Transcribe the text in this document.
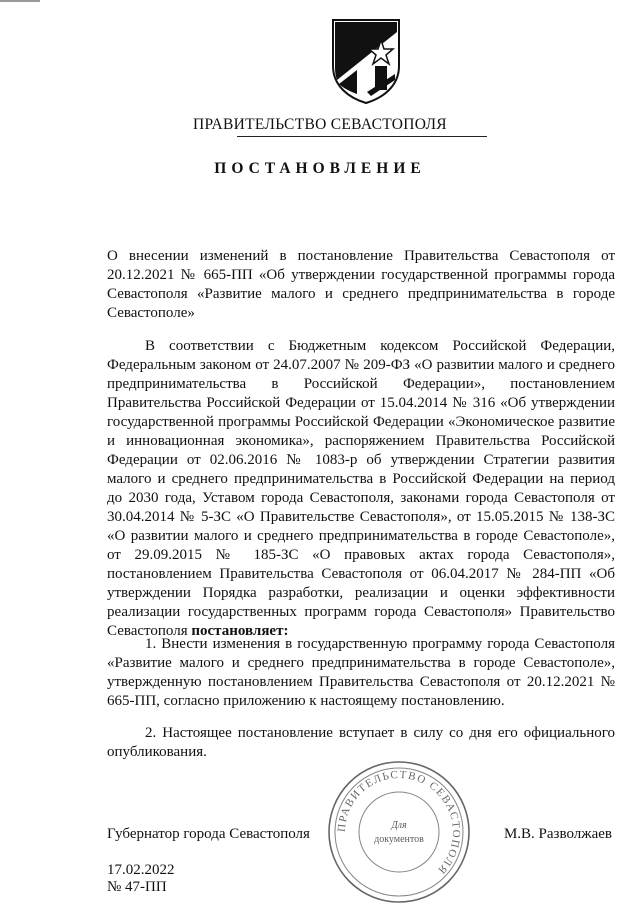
ПРАВИТЕЛЬСТВО СЕВАСТОПОЛЯ
ПОСТАНОВЛЕНИЕ
О внесении изменений в постановление Правительства Севастополя от 20.12.2021 № 665-ПП «Об утверждении государственной программы города Севастополя «Развитие малого и среднего предпринимательства в городе Севастополе»
В соответствии с Бюджетным кодексом Российской Федерации, Федеральным законом от 24.07.2007 № 209-ФЗ «О развитии малого и среднего предпринимательства в Российской Федерации», постановлением Правительства Российской Федерации от 15.04.2014 № 316 «Об утверждении государственной программы Российской Федерации «Экономическое развитие и инновационная экономика», распоряжением Правительства Российской Федерации от 02.06.2016 № 1083-р об утверждении Стратегии развития малого и среднего предпринимательства в Российской Федерации на период до 2030 года, Уставом города Севастополя, законами города Севастополя от 30.04.2014 № 5-ЗС «О Правительстве Севастополя», от 15.05.2015 № 138-ЗС «О развитии малого и среднего предпринимательства в городе Севастополе», от 29.09.2015 № 185-ЗС «О правовых актах города Севастополя», постановлением Правительства Севастополя от 06.04.2017 № 284-ПП «Об утверждении Порядка разработки, реализации и оценки эффективности реализации государственных программ города Севастополя» Правительство Севастополя постановляет:
1. Внести изменения в государственную программу города Севастополя «Развитие малого и среднего предпринимательства в городе Севастополе», утвержденную постановлением Правительства Севастополя от 20.12.2021 № 665-ПП, согласно приложению к настоящему постановлению.
2. Настоящее постановление вступает в силу со дня его официального опубликования.
ПРАВИТЕЛЬСТВО СЕВАСТОПОЛЯ
Для
документов
Губернатор города Севастополя	М.В. Разволжаев
17.02.2022
№ 47-ПП
